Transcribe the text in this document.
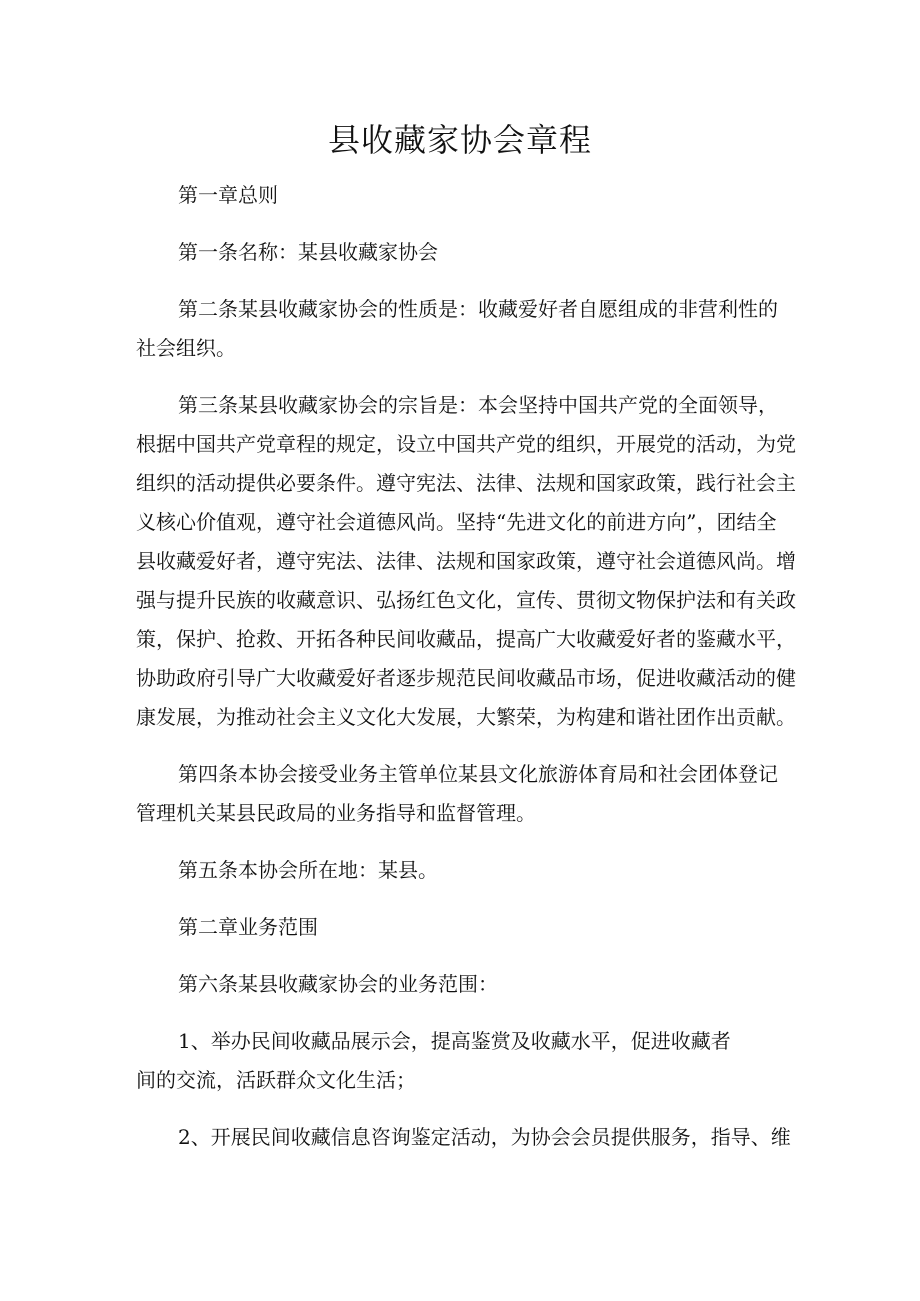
县收藏家协会章程

第一章总则

第一条名称：某县收藏家协会

第二条某县收藏家协会的性质是：收藏爱好者自愿组成的非营利性的

社会组织。

第三条某县收藏家协会的宗旨是：本会坚持中国共产党的全面领导，

根据中国共产党章程的规定，设立中国共产党的组织，开展党的活动，为党

组织的活动提供必要条件。遵守宪法、法律、法规和国家政策，践行社会主

义核心价值观，遵守社会道德风尚。坚持“先进文化的前进方向”，团结全

县收藏爱好者，遵守宪法、法律、法规和国家政策，遵守社会道德风尚。增

强与提升民族的收藏意识、弘扬红色文化，宣传、贯彻文物保护法和有关政

策，保护、抢救、开拓各种民间收藏品，提高广大收藏爱好者的鉴藏水平，

协助政府引导广大收藏爱好者逐步规范民间收藏品市场，促进收藏活动的健

康发展，为推动社会主义文化大发展，大繁荣，为构建和谐社团作出贡献。

第四条本协会接受业务主管单位某县文化旅游体育局和社会团体登记

管理机关某县民政局的业务指导和监督管理。

第五条本协会所在地：某县。

第二章业务范围

第六条某县收藏家协会的业务范围：

1、举办民间收藏品展示会，提高鉴赏及收藏水平，促进收藏者

间的交流，活跃群众文化生活；

2、开展民间收藏信息咨询鉴定活动，为协会会员提供服务，指导、维
